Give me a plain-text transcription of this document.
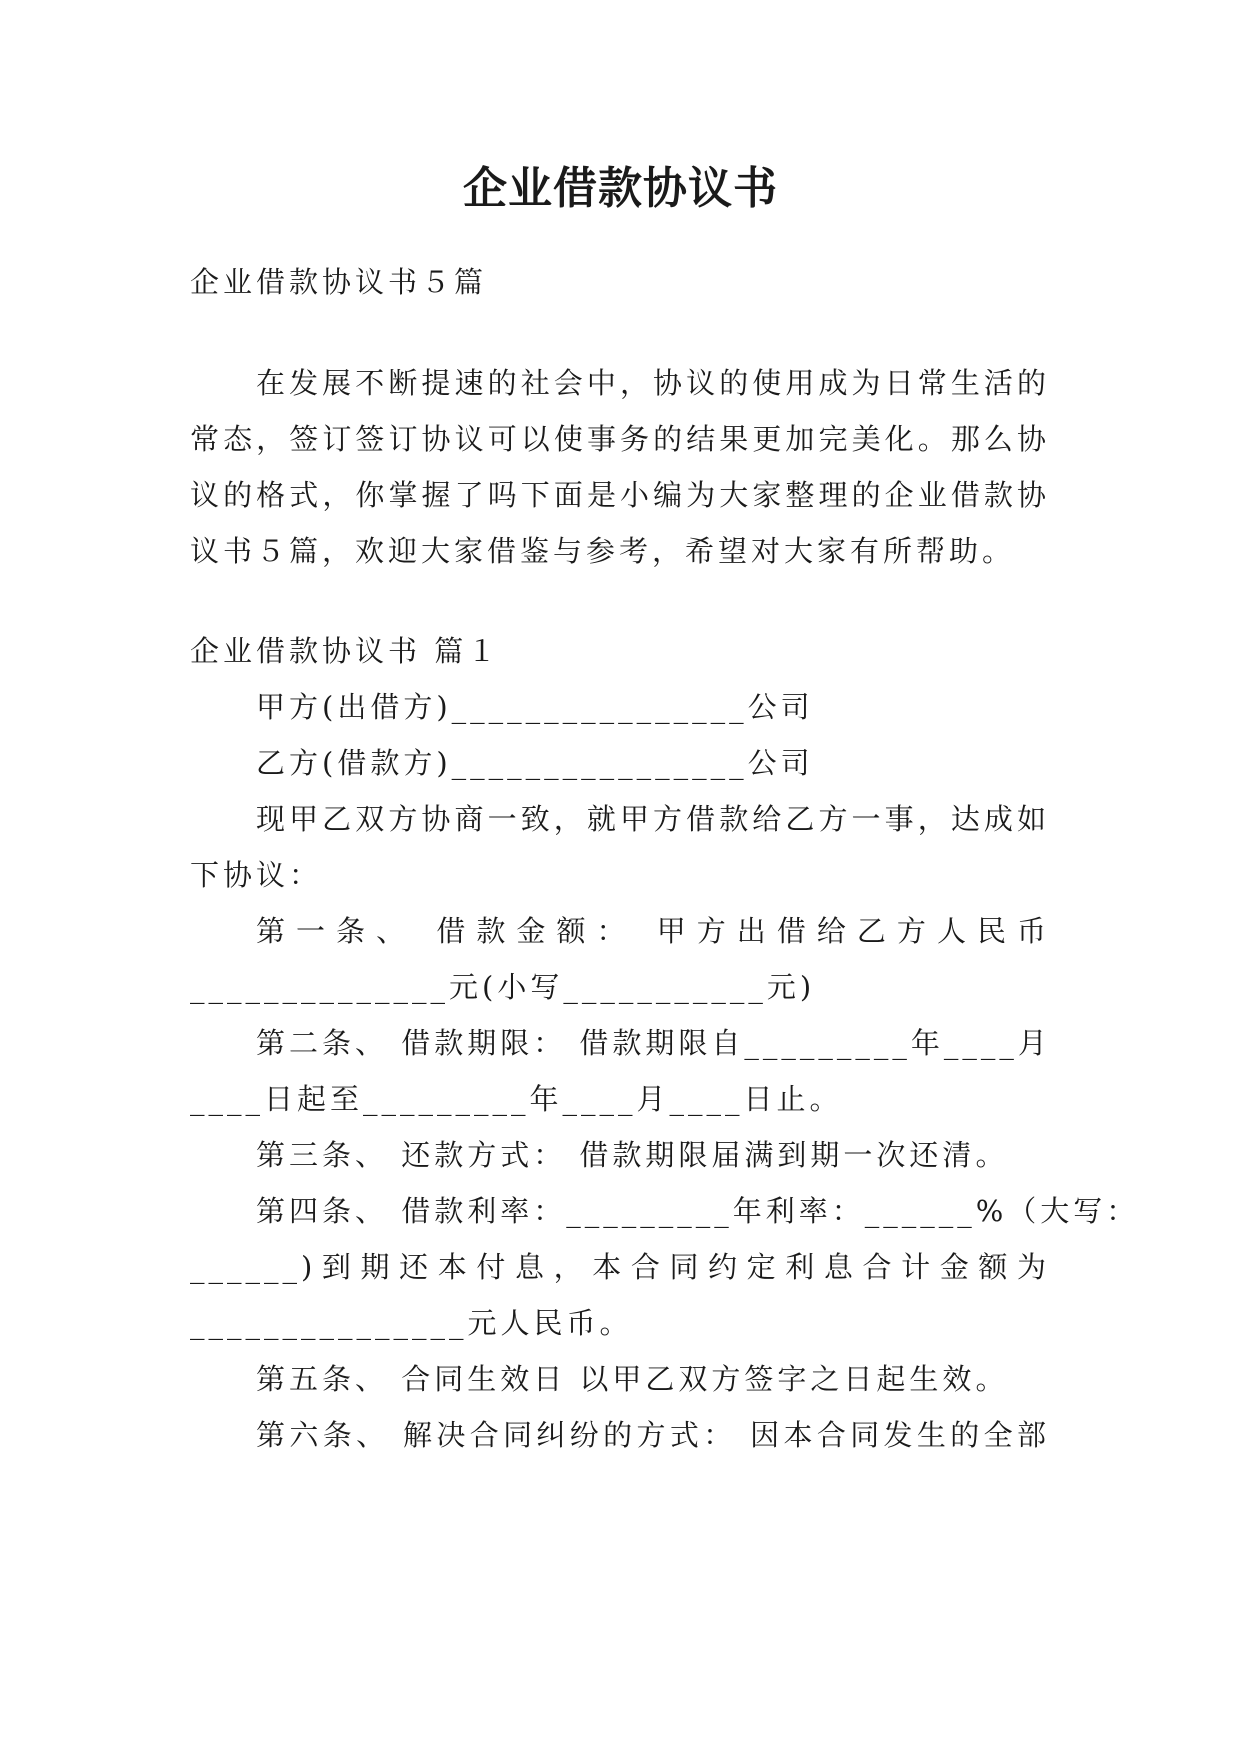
企业借款协议书
企业借款协议书５篇
在发展不断提速的社会中，协议的使用成为日常生活的
常态，签订签订协议可以使事务的结果更加完美化。那么协
议的格式，你掌握了吗下面是小编为大家整理的企业借款协
议书５篇，欢迎大家借鉴与参考，希望对大家有所帮助。
企业借款协议书 篇１
甲方(出借方)________________公司
乙方(借款方)________________公司
现甲乙双方协商一致，就甲方借款给乙方一事，达成如
下协议：
第一条、 借款金额： 甲方出借给乙方人民币
______________元(小写___________元)
第二条、 借款期限： 借款期限自_________年____月
____日起至_________年____月____日止。
第三条、 还款方式： 借款期限届满到期一次还清。
第四条、 借款利率：_________年利率：______%（大写：
______)到期还本付息，本合同约定利息合计金额为
_______________元人民币。
第五条、 合同生效日 以甲乙双方签字之日起生效。
第六条、 解决合同纠纷的方式： 因本合同发生的全部
